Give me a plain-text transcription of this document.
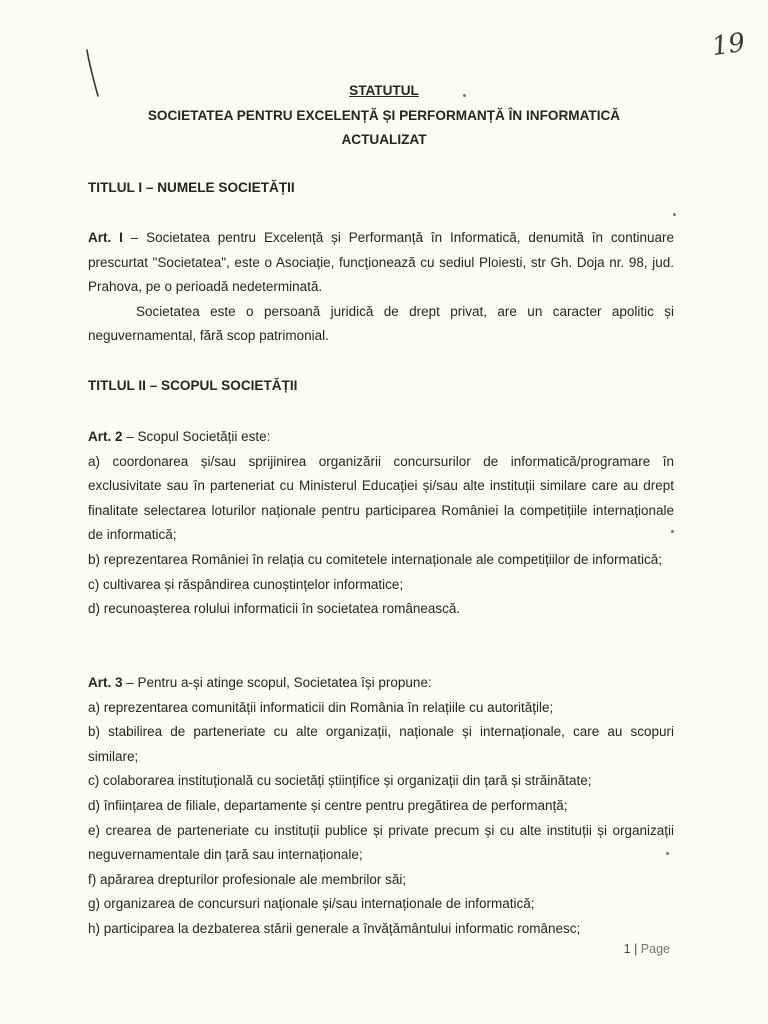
19
STATUTUL
SOCIETATEA PENTRU EXCELENȚĂ ȘI PERFORMANȚĂ ÎN INFORMATICĂ
ACTUALIZAT
TITLUL I – NUMELE SOCIETĂȚII

Art. I – Societatea pentru Excelență și Performanță în Informatică, denumită în continuare prescurtat "Societatea", este o Asociație, funcționează cu sediul Ploiesti, str Gh. Doja nr. 98, jud. Prahova, pe o perioadă nedeterminată.

Societatea este o persoană juridică de drept privat, are un caracter apolitic și neguvernamental, fără scop patrimonial.

TITLUL II – SCOPUL SOCIETĂȚII

Art. 2 – Scopul Societății este:

a) coordonarea și/sau sprijinirea organizării concursurilor de informatică/programare în exclusivitate sau în parteneriat cu Ministerul Educației și/sau alte instituții similare care au drept finalitate selectarea loturilor naționale pentru participarea României la competițiile internaționale de informatică;

b) reprezentarea României în relația cu comitetele internaționale ale competițiilor de informatică;

c) cultivarea și răspândirea cunoștințelor informatice;

d) recunoașterea rolului informaticii în societatea românească.

Art. 3 – Pentru a-și atinge scopul, Societatea își propune:

a) reprezentarea comunității informaticii din România în relațiile cu autoritățile;

b) stabilirea de parteneriate cu alte organizații, naționale și internaționale, care au scopuri similare;

c) colaborarea instituțională cu societăți științifice și organizații din țară și străinătate;

d) înființarea de filiale, departamente și centre pentru pregătirea de performanță;

e) crearea de parteneriate cu instituții publice și private precum și cu alte instituții și organizații neguvernamentale din țară sau internaționale;

f) apărarea drepturilor profesionale ale membrilor săi;

g) organizarea de concursuri naționale și/sau internaționale de informatică;

h) participarea la dezbaterea stării generale a învățământului informatic românesc;

1 | Page
